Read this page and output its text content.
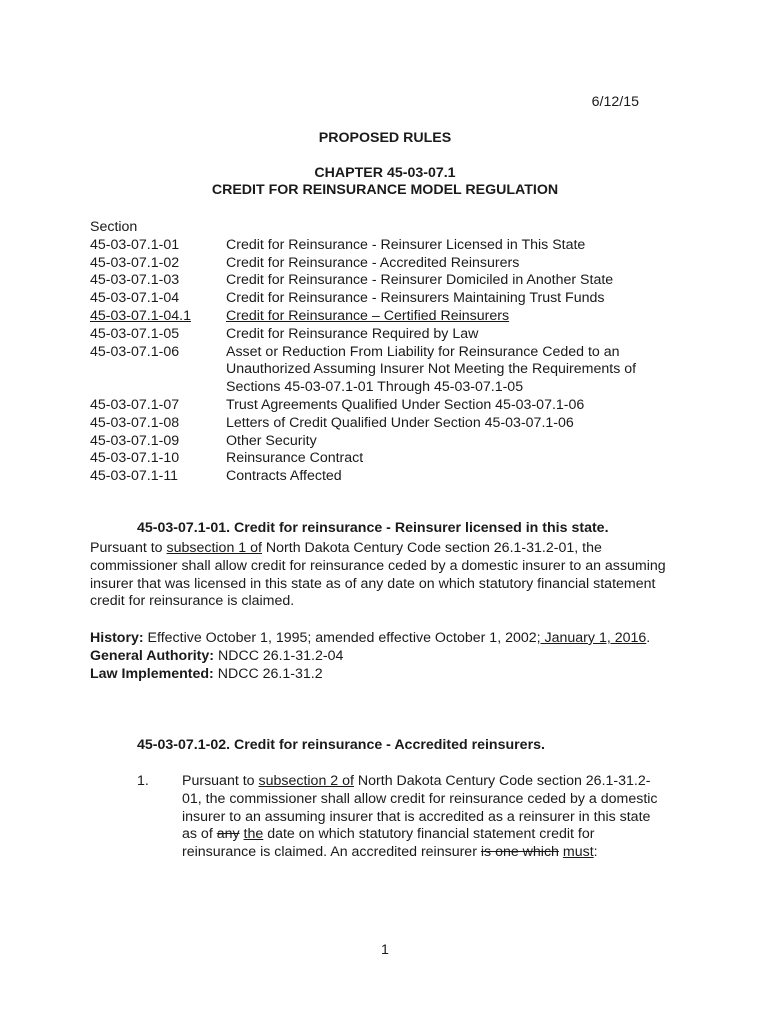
6/12/15
PROPOSED RULES
CHAPTER 45-03-07.1
CREDIT FOR REINSURANCE MODEL REGULATION
Section
45-03-07.1-01	Credit for Reinsurance - Reinsurer Licensed in This State
45-03-07.1-02	Credit for Reinsurance - Accredited Reinsurers
45-03-07.1-03	Credit for Reinsurance - Reinsurer Domiciled in Another State
45-03-07.1-04	Credit for Reinsurance - Reinsurers Maintaining Trust Funds
45-03-07.1-04.1	Credit for Reinsurance – Certified Reinsurers
45-03-07.1-05	Credit for Reinsurance Required by Law
45-03-07.1-06	Asset or Reduction From Liability for Reinsurance Ceded to an Unauthorized Assuming Insurer Not Meeting the Requirements of Sections 45-03-07.1-01 Through 45-03-07.1-05
45-03-07.1-07	Trust Agreements Qualified Under Section 45-03-07.1-06
45-03-07.1-08	Letters of Credit Qualified Under Section 45-03-07.1-06
45-03-07.1-09	Other Security
45-03-07.1-10	Reinsurance Contract
45-03-07.1-11	Contracts Affected
45-03-07.1-01. Credit for reinsurance - Reinsurer licensed in this state.
Pursuant to subsection 1 of North Dakota Century Code section 26.1-31.2-01, the commissioner shall allow credit for reinsurance ceded by a domestic insurer to an assuming insurer that was licensed in this state as of any date on which statutory financial statement credit for reinsurance is claimed.
History: Effective October 1, 1995; amended effective October 1, 2002; January 1, 2016.
General Authority: NDCC 26.1-31.2-04
Law Implemented: NDCC 26.1-31.2
45-03-07.1-02. Credit for reinsurance - Accredited reinsurers.
1.	Pursuant to subsection 2 of North Dakota Century Code section 26.1-31.2-01, the commissioner shall allow credit for reinsurance ceded by a domestic insurer to an assuming insurer that is accredited as a reinsurer in this state as of any the date on which statutory financial statement credit for reinsurance is claimed. An accredited reinsurer is one which must:
1
